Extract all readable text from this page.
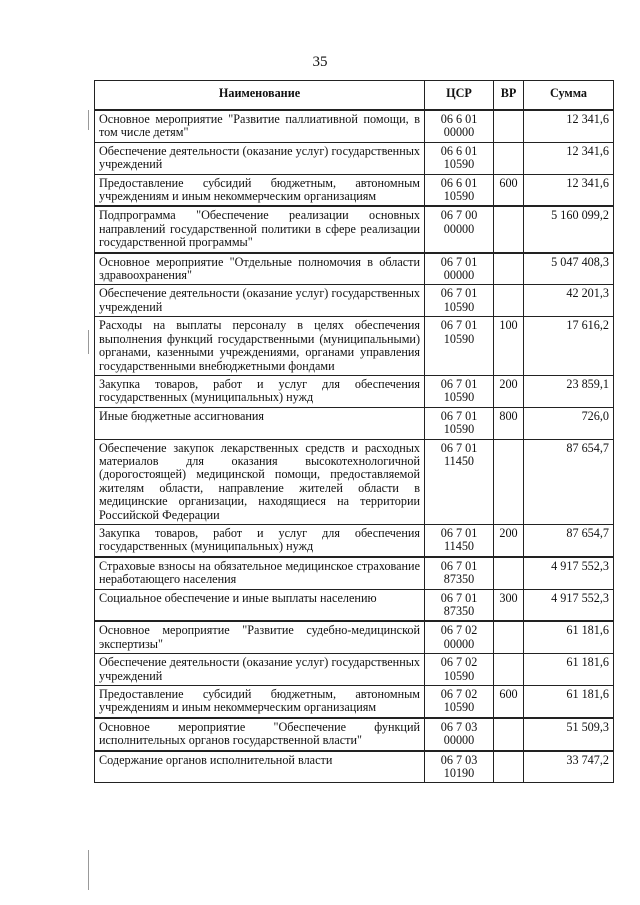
35
Наименование	ЦСР	ВР	Сумма
Основное мероприятие "Развитие паллиативной помощи, в том числе детям"	06 6 01 00000		12 341,6
Обеспечение деятельности (оказание услуг) государственных учреждений	06 6 01 10590		12 341,6
Предоставление субсидий бюджетным, автономным учреждениям и иным некоммерческим организациям	06 6 01 10590	600	12 341,6
Подпрограмма "Обеспечение реализации основных направлений государственной политики в сфере реализации государственной программы"	06 7 00 00000		5 160 099,2
Основное мероприятие "Отдельные полномочия в области здравоохранения"	06 7 01 00000		5 047 408,3
Обеспечение деятельности (оказание услуг) государственных учреждений	06 7 01 10590		42 201,3
Расходы на выплаты персоналу в целях обеспечения выполнения функций государственными (муниципальными) органами, казенными учреждениями, органами управления государственными внебюджетными фондами	06 7 01 10590	100	17 616,2
Закупка товаров, работ и услуг для обеспечения государственных (муниципальных) нужд	06 7 01 10590	200	23 859,1
Иные бюджетные ассигнования	06 7 01 10590	800	726,0
Обеспечение закупок лекарственных средств и расходных материалов для оказания высокотехнологичной (дорогостоящей) медицинской помощи, предоставляемой жителям области, направление жителей области в медицинские организации, находящиеся на территории Российской Федерации	06 7 01 11450		87 654,7
Закупка товаров, работ и услуг для обеспечения государственных (муниципальных) нужд	06 7 01 11450	200	87 654,7
Страховые взносы на обязательное медицинское страхование неработающего населения	06 7 01 87350		4 917 552,3
Социальное обеспечение и иные выплаты населению	06 7 01 87350	300	4 917 552,3
Основное мероприятие "Развитие судебно-медицинской экспертизы"	06 7 02 00000		61 181,6
Обеспечение деятельности (оказание услуг) государственных учреждений	06 7 02 10590		61 181,6
Предоставление субсидий бюджетным, автономным учреждениям и иным некоммерческим организациям	06 7 02 10590	600	61 181,6
Основное мероприятие "Обеспечение функций исполнительных органов государственной власти"	06 7 03 00000		51 509,3
Содержание органов исполнительной власти	06 7 03 10190		33 747,2
